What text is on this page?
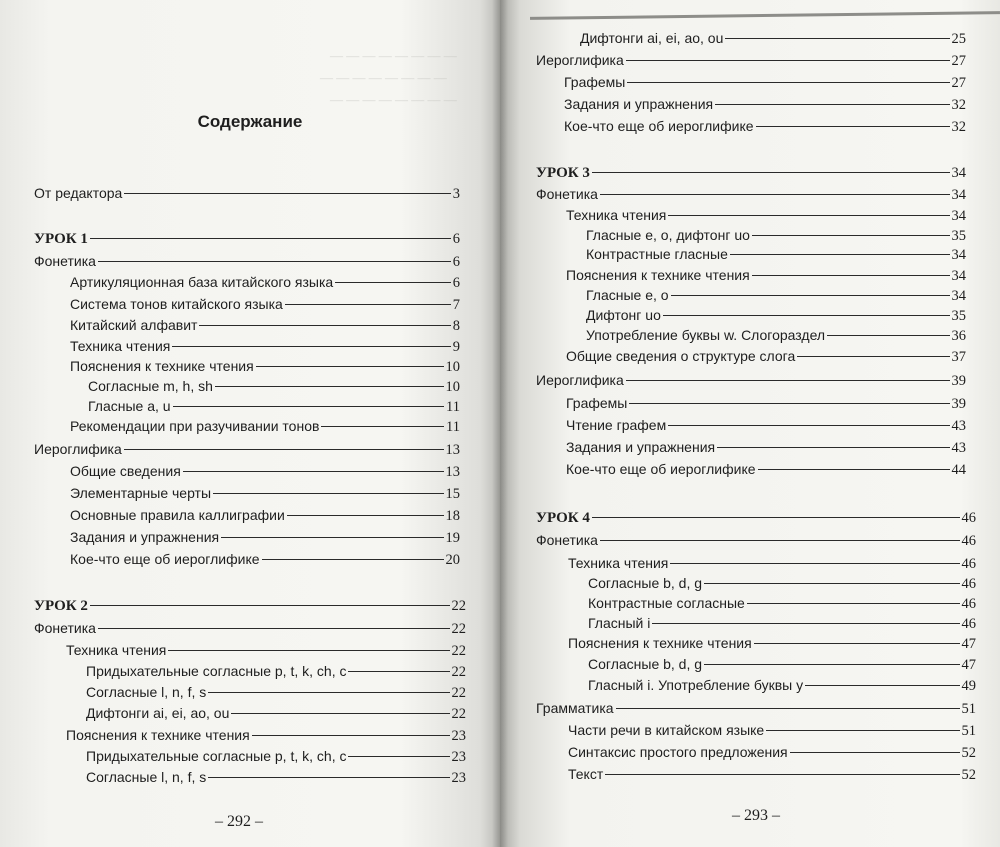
— — — — — — — —
— — — — — — — —
— — — — — — — —
Содержание
От редактора	3
УРОК 1	6
Фонетика	6
Артикуляционная база китайского языка	6
Система тонов китайского языка	7
Китайский алфавит	8
Техника чтения	9
Пояснения к технике чтения	10
Согласные m, h, sh	10
Гласные a, u	11
Рекомендации при разучивании тонов	11
Иероглифика	13
Общие сведения	13
Элементарные черты	15
Основные правила каллиграфии	18
Задания и упражнения	19
Кое-что еще об иероглифике	20
УРОК 2	22
Фонетика	22
Техника чтения	22
Придыхательные согласные p, t, k, ch, c	22
Согласные l, n, f, s	22
Дифтонги ai, ei, ao, ou	22
Пояснения к технике чтения	23
Придыхательные согласные p, t, k, ch, c	23
Согласные l, n, f, s	23
– 292 –
Дифтонги ai, ei, ao, ou	25
Иероглифика	27
Графемы	27
Задания и упражнения	32
Кое-что еще об иероглифике	32
УРОК 3	34
Фонетика	34
Техника чтения	34
Гласные e, o, дифтонг uo	35
Контрастные гласные	34
Пояснения к технике чтения	34
Гласные e, o	34
Дифтонг uo	35
Употребление буквы w. Слогораздел	36
Общие сведения о структуре слога	37
Иероглифика	39
Графемы	39
Чтение графем	43
Задания и упражнения	43
Кое-что еще об иероглифике	44
УРОК 4	46
Фонетика	46
Техника чтения	46
Согласные b, d, g	46
Контрастные согласные	46
Гласный i	46
Пояснения к технике чтения	47
Согласные b, d, g	47
Гласный i. Употребление буквы y	49
Грамматика	51
Части речи в китайском языке	51
Синтаксис простого предложения	52
Текст	52
– 293 –
